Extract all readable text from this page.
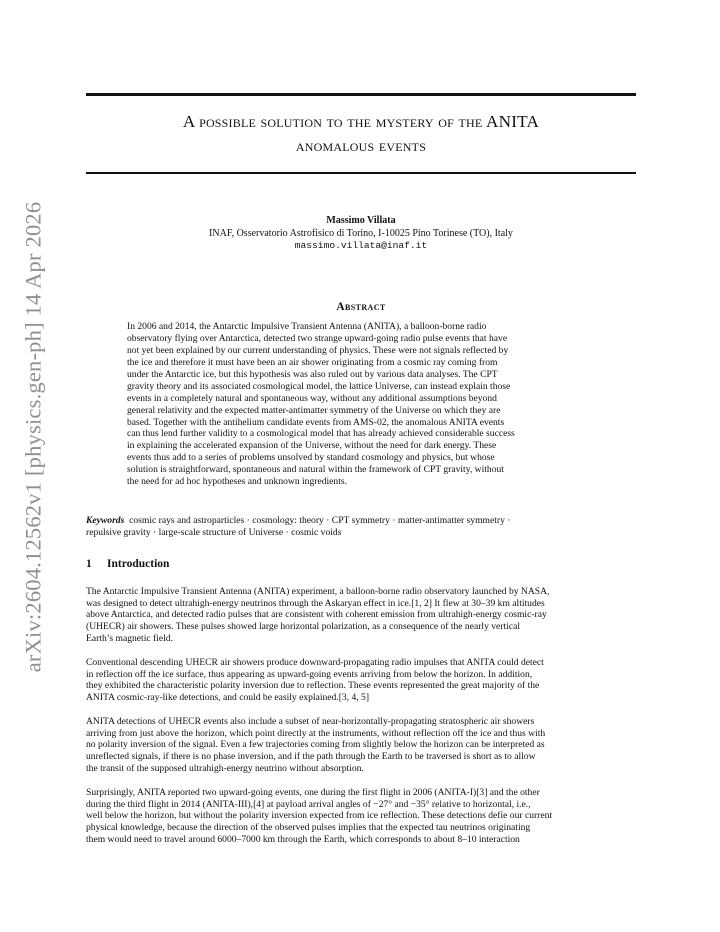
arXiv:2604.12562v1 [physics.gen-ph] 14 Apr 2026
A possible solution to the mystery of the ANITA
anomalous events
Massimo Villata
INAF, Osservatorio Astrofisico di Torino, I-10025 Pino Torinese (TO), Italy
massimo.villata@inaf.it
Abstract
In 2006 and 2014, the Antarctic Impulsive Transient Antenna (ANITA), a balloon-borne radio
observatory flying over Antarctica, detected two strange upward-going radio pulse events that have
not yet been explained by our current understanding of physics. These were not signals reflected by
the ice and therefore it must have been an air shower originating from a cosmic ray coming from
under the Antarctic ice, but this hypothesis was also ruled out by various data analyses. The CPT
gravity theory and its associated cosmological model, the lattice Universe, can instead explain those
events in a completely natural and spontaneous way, without any additional assumptions beyond
general relativity and the expected matter-antimatter symmetry of the Universe on which they are
based. Together with the antihelium candidate events from AMS-02, the anomalous ANITA events
can thus lend further validity to a cosmological model that has already achieved considerable success
in explaining the accelerated expansion of the Universe, without the need for dark energy. These
events thus add to a series of problems unsolved by standard cosmology and physics, but whose
solution is straightforward, spontaneous and natural within the framework of CPT gravity, without
the need for ad hoc hypotheses and unknown ingredients.
Keywords cosmic rays and astroparticles · cosmology: theory · CPT symmetry · matter-antimatter symmetry ·
repulsive gravity · large-scale structure of Universe · cosmic voids
1 Introduction
The Antarctic Impulsive Transient Antenna (ANITA) experiment, a balloon-borne radio observatory launched by NASA,
was designed to detect ultrahigh-energy neutrinos through the Askaryan effect in ice.[1, 2] It flew at 30–39 km altitudes
above Antarctica, and detected radio pulses that are consistent with coherent emission from ultrahigh-energy cosmic-ray
(UHECR) air showers. These pulses showed large horizontal polarization, as a consequence of the nearly vertical
Earth’s magnetic field.
Conventional descending UHECR air showers produce downward-propagating radio impulses that ANITA could detect
in reflection off the ice surface, thus appearing as upward-going events arriving from below the horizon. In addition,
they exhibited the characteristic polarity inversion due to reflection. These events represented the great majority of the
ANITA cosmic-ray-like detections, and could be easily explained.[3, 4, 5]
ANITA detections of UHECR events also include a subset of near-horizontally-propagating stratospheric air showers
arriving from just above the horizon, which point directly at the instruments, without reflection off the ice and thus with
no polarity inversion of the signal. Even a few trajectories coming from slightly below the horizon can be interpreted as
unreflected signals, if there is no phase inversion, and if the path through the Earth to be traversed is short as to allow
the transit of the supposed ultrahigh-energy neutrino without absorption.
Surprisingly, ANITA reported two upward-going events, one during the first flight in 2006 (ANITA-I)[3] and the other
during the third flight in 2014 (ANITA-III),[4] at payload arrival angles of −27° and −35° relative to horizontal, i.e.,
well below the horizon, but without the polarity inversion expected from ice reflection. These detections defie our current
physical knowledge, because the direction of the observed pulses implies that the expected tau neutrinos originating
them would need to travel around 6000–7000 km through the Earth, which corresponds to about 8–10 interaction
